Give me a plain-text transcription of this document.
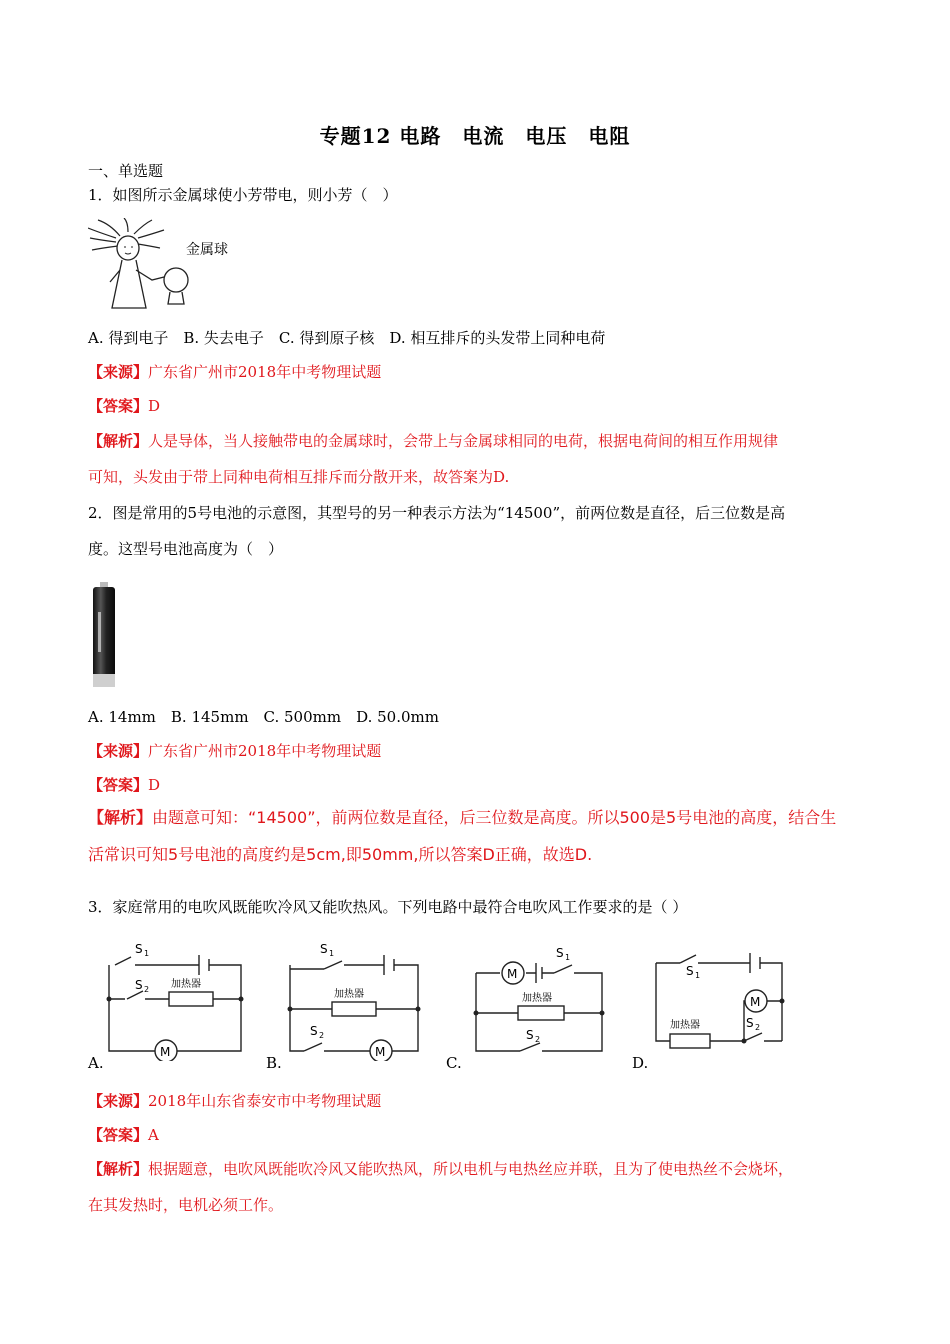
专题12 电路　电流　电压　电阻
一、单选题
1．如图所示金属球使小芳带电，则小芳（　）
金属球
A. 得到电子　B. 失去电子　C. 得到原子核　D. 相互排斥的头发带上同种电荷
【来源】广东省广州市2018年中考物理试题
【答案】D
【解析】人是导体，当人接触带电的金属球时，会带上与金属球相同的电荷，根据电荷间的相互作用规律
可知，头发由于带上同种电荷相互排斥而分散开来，故答案为D.
2．图是常用的5号电池的示意图，其型号的另一种表示方法为“14500”，前两位数是直径，后三位数是高
度。这型号电池高度为（　）
A. 14mm　B. 145mm　C. 500mm　D. 50.0mm
【来源】广东省广州市2018年中考物理试题
【答案】D
【解析】由题意可知：“14500”，前两位数是直径，后三位数是高度。所以500是5号电池的高度，结合生
活常识可知5号电池的高度约是5cm,即50mm,所以答案D正确，故选D.
3．家庭常用的电吹风既能吹冷风又能吹热风。下列电路中最符合电吹风工作要求的是（ ）
S 1
S 2 加热器
M
A.
S 1
S 2
加热器
M
B.
S 1
S 2
加热器
M
C.
S 1
S 2
加热器
M
D.
【来源】2018年山东省泰安市中考物理试题
【答案】A
【解析】根据题意，电吹风既能吹冷风又能吹热风，所以电机与电热丝应并联，且为了使电热丝不会烧坏，
在其发热时，电机必须工作。
